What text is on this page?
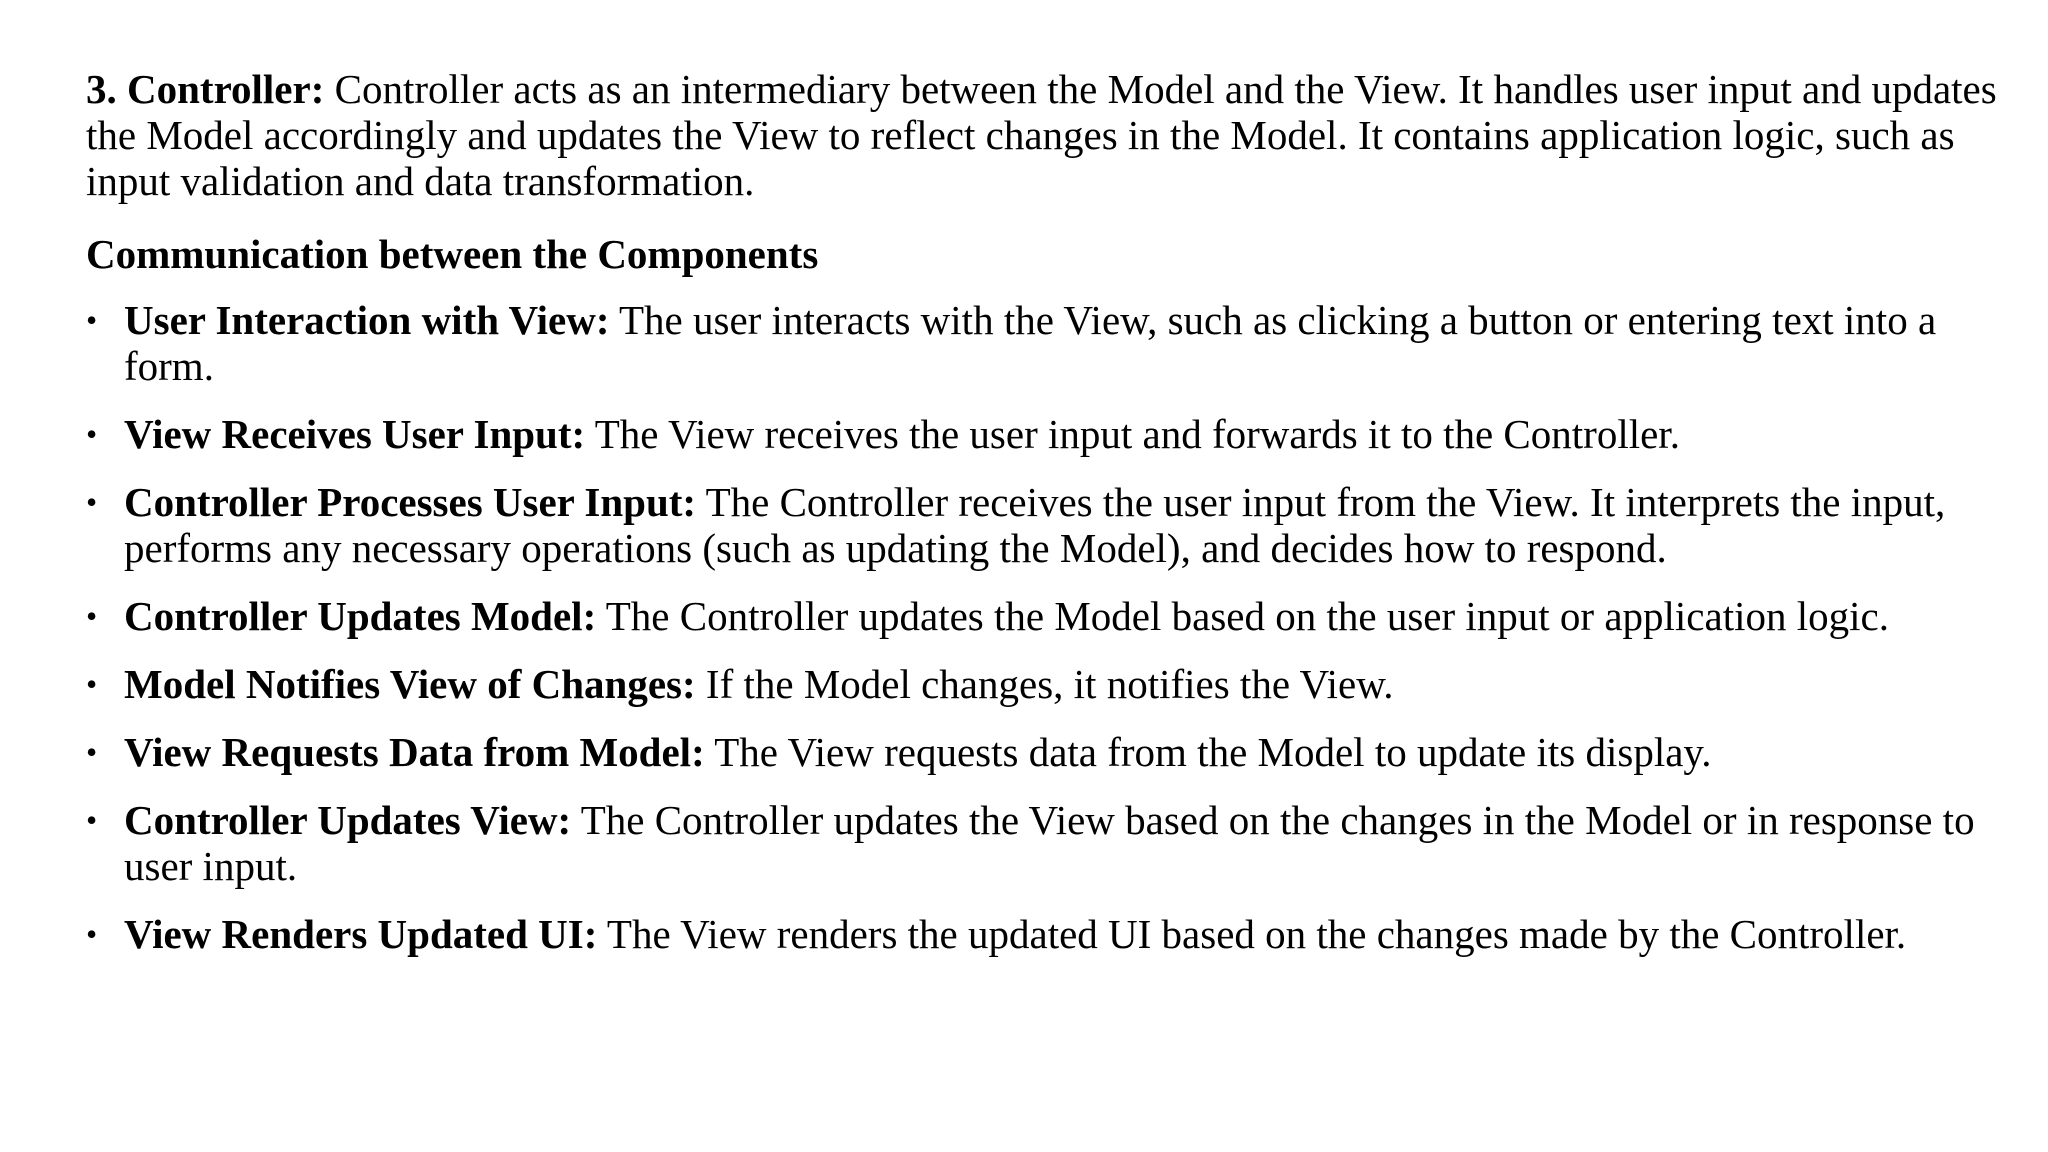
3. Controller: Controller acts as an intermediary between the Model and the View. It handles user input and updates the Model accordingly and updates the View to reflect changes in the Model. It contains application logic, such as input validation and data transformation.

Communication between the Components

• User Interaction with View: The user interacts with the View, such as clicking a button or entering text into a form.
• View Receives User Input: The View receives the user input and forwards it to the Controller.
• Controller Processes User Input: The Controller receives the user input from the View. It interprets the input, performs any necessary operations (such as updating the Model), and decides how to respond.
• Controller Updates Model: The Controller updates the Model based on the user input or application logic.
• Model Notifies View of Changes: If the Model changes, it notifies the View.
• View Requests Data from Model: The View requests data from the Model to update its display.
• Controller Updates View: The Controller updates the View based on the changes in the Model or in response to user input.
• View Renders Updated UI: The View renders the updated UI based on the changes made by the Controller.
